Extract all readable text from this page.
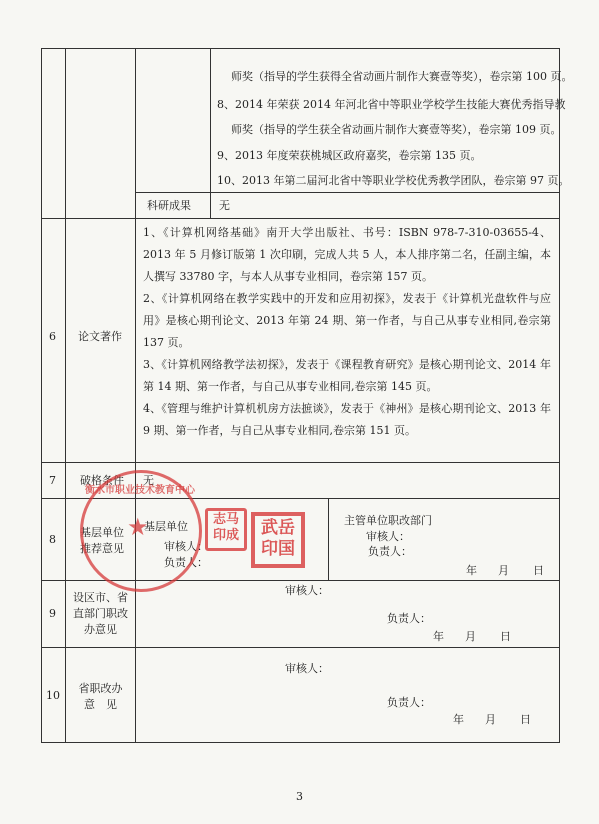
师奖（指导的学生获得全省动画片制作大赛壹等奖），卷宗第 100 页。
8、2014 年荣获 2014 年河北省中等职业学校学生技能大赛优秀指导教
师奖（指导的学生获全省动画片制作大赛壹等奖），卷宗第 109 页。
9、2013 年度荣获桃城区政府嘉奖，卷宗第 135 页。
10、2013 年第二届河北省中等职业学校优秀教学团队，卷宗第 97 页。
科研成果	无
6 论文著作

1、《计算机网络基础》南开大学出版社、书号：ISBN 978-7-310-03655-4、2013 年 5 月修订版第 1 次印刷，完成人共 5 人，本人排序第二名，任副主编，本人撰写 33780 字，与本人从事专业相同，卷宗第 157 页。

2、《计算机网络在教学实践中的开发和应用初探》，发表于《计算机光盘软件与应用》是核心期刊论文、2013 年第 24 期、第一作者，与自己从事专业相同,卷宗第 137 页。

3、《计算机网络教学法初探》，发表于《课程教育研究》是核心期刊论文、2014 年第 14 期、第一作者，与自己从事专业相同,卷宗第 145 页。

4、《管理与维护计算机机房方法摭谈》，发表于《神州》是核心期刊论文、2013 年 9 期、第一作者，与自己从事专业相同,卷宗第 151 页。

7 破格条件 无
8
基层单位
推荐意见
基层单位
审核人：
负责人：
主管单位职改部门
审核人：
负责人：
年 月 日
9
设区市、省
直部门职改
办意见
审核人：
负责人：
年 月 日
10
省职改办
意　见
审核人：
负责人：
年 月 日
★
衡水市职业技术教育中心
志马印成 武岳印国
3
